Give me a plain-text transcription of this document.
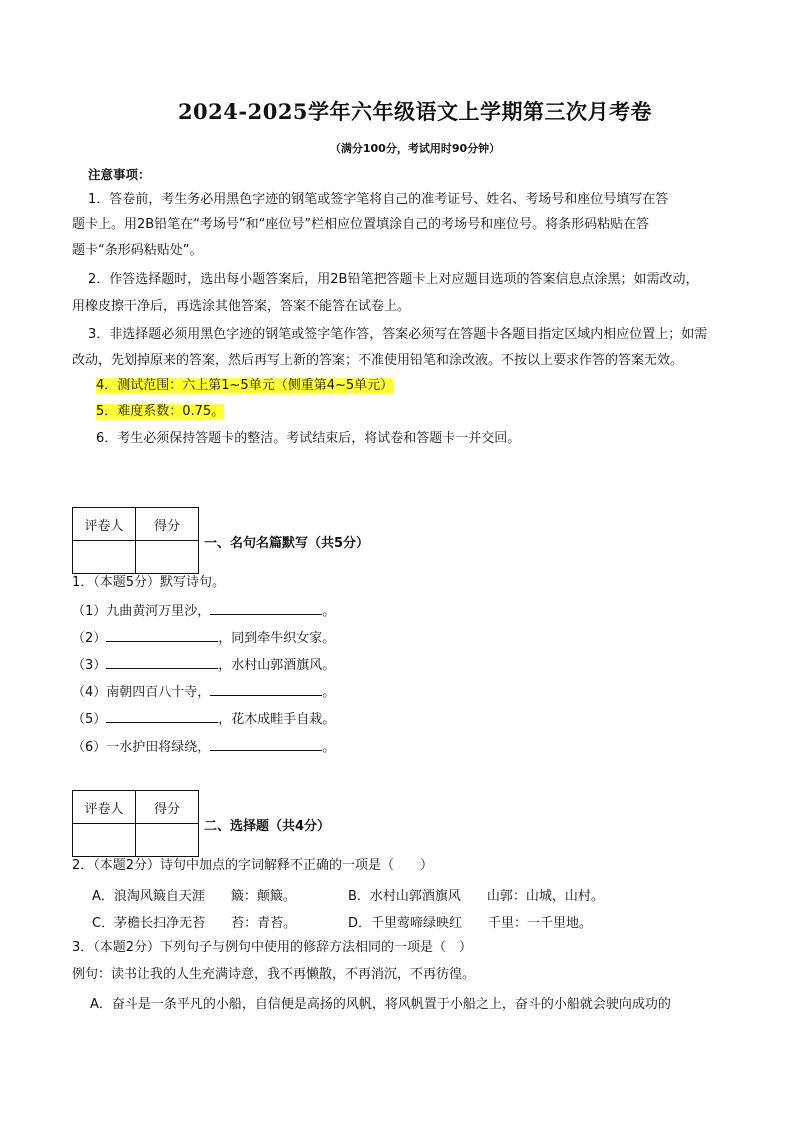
2024-2025学年六年级语文上学期第三次月考卷
（满分100分，考试用时90分钟）
注意事项：
1．答卷前，考生务必用黑色字迹的钢笔或签字笔将自己的准考证号、姓名、考场号和座位号填写在答
题卡上。用2B铅笔在“考场号”和“座位号”栏相应位置填涂自己的考场号和座位号。将条形码粘贴在答
题卡“条形码粘贴处”。
2．作答选择题时，选出每小题答案后，用2B铅笔把答题卡上对应题目选项的答案信息点涂黑；如需改动，
用橡皮擦干净后，再选涂其他答案，答案不能答在试卷上。
3．非选择题必须用黑色字迹的钢笔或签字笔作答，答案必须写在答题卡各题目指定区域内相应位置上；如需
改动，先划掉原来的答案，然后再写上新的答案；不准使用铅笔和涂改液。不按以上要求作答的答案无效。
4．测试范围：六上第1~5单元（侧重第4~5单元）
5．难度系数：0.75。
6．考生必须保持答题卡的整洁。考试结束后，将试卷和答题卡一并交回。
评卷人	得分

一、名句名篇默写（共5分）
1．（本题5分）默写诗句。
（1）九曲黄河万里沙，	。
（2）	，同到牵牛织女家。
（3）	，水村山郭酒旗风。
（4）南朝四百八十寺，	。
（5）	，花木成畦手自栽。
（6）一水护田将绿绕，	。
评卷人	得分

二、选择题（共4分）
2．（本题2分）诗句中加点的字词解释不正确的一项是（　　）
A．浪淘风簸自天涯　　簸：颠簸。	B．水村山郭酒旗风　　山郭：山城，山村。
C．茅檐长扫净无苔　　苔：青苔。	D．千里莺啼绿映红　　千里：一千里地。
3．（本题2分）下列句子与例句中使用的修辞方法相同的一项是（　）
例句：读书让我的人生充满诗意，我不再懒散，不再消沉，不再彷徨。
A．奋斗是一条平凡的小船，自信便是高扬的风帆，将风帆置于小船之上，奋斗的小船就会驶向成功的
